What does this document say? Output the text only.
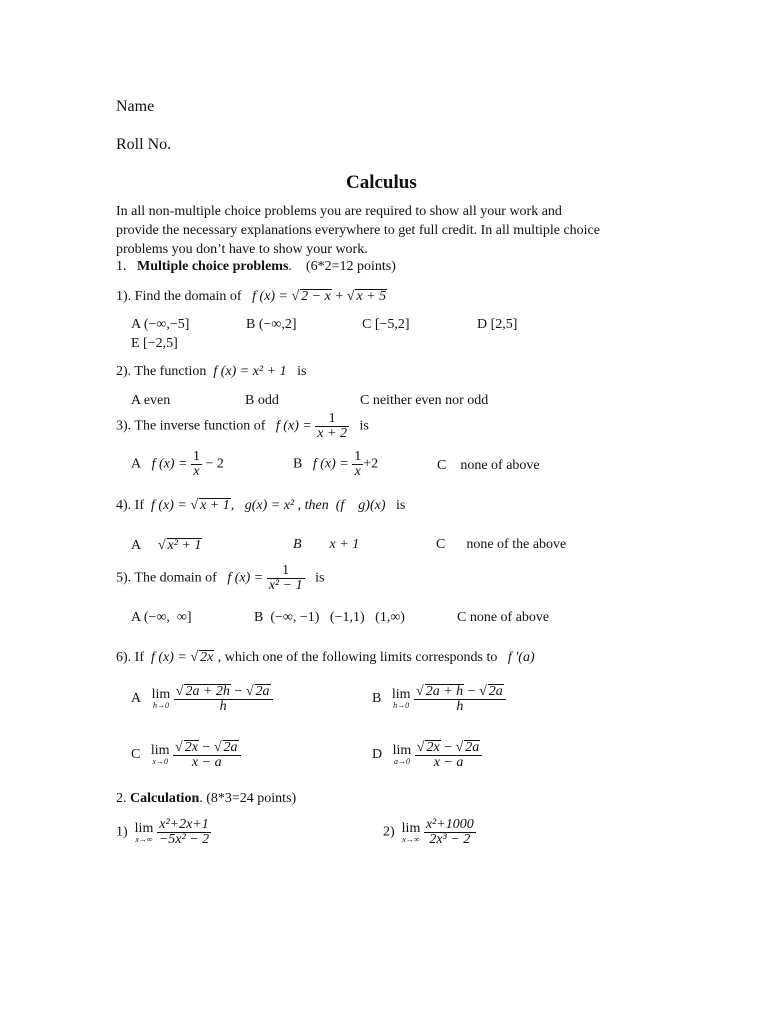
Name
Roll No.
Calculus
In all non-multiple choice problems you are required to show all your work and
provide the necessary explanations everywhere to get full credit. In all multiple choice
problems you don’t have to show your work.
1. Multiple choice problems. (6*2=12 points)
1). Find the domain of f (x) = √ 2 − x + √ x + 5
A (−∞,−5]	B (−∞,2]	C [−5,2]	D [2,5]
E [−2,5]
2). The function f (x) = x² + 1 is
A even	B odd	C neither even nor odd
3). The inverse function of f $(x) = \frac{1}{x + 2}$ is
A f $(x) = \frac{1}{x} - 2$	B f $(x) = \frac{1}{x} +2$	C    none of above
4). If f (x) = √ x + 1,   g(x) = x² , then (f    g)(x) is
A √ x² + 1	B        x + 1	C      none of the above
5). The domain of f $(x) = \frac{1}{\text{x² − 1}}$ is
A (−∞,  ∞]	B  (−∞, −1)   (−1,1)   (1,∞)	C none of above
6). If f (x) = √ 2x , which one of the following limits corresponds to f ′(a)
A lim
h→0
$\frac{√ 2a + 2h - √ 2a}{h}$	B lim
h→0
$\frac{√ 2a + h - √ 2a}{h}$
C lim
x→0
$\frac{√ 2x - √ 2a}{x - a}$	D lim
a→0
$\frac{√ 2x - √ 2a}{x - a}$
2. Calculation. (8*3=24 points)
1) lim
x→∞
$\frac{\text{x²+2x+1}}{\text{−5x² − 2}}$	2) lim
x→∞
$\frac{\text{x²+1000}}{\text{2x³ − 2}}$
